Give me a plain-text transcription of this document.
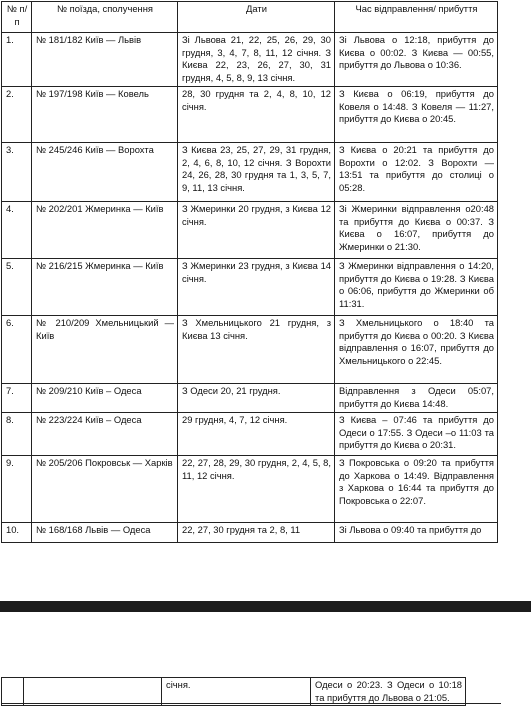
№ п/п	№ поїзда, сполучення	Дати	Час відправлення/ прибуття
1.	№ 181/182 Київ — Львів	Зі Львова 21, 22, 25, 26, 29, 30 грудня, 3, 4, 7, 8, 11, 12 січня. З Києва 22, 23, 26, 27, 30, 31 грудня, 4, 5, 8, 9, 13 січня.	Зі Львова о 12:18, прибуття до Києва о 00:02. З Києва — 00:55, прибуття до Львова о 10:36.
2.	№ 197/198 Київ — Ковель	28, 30 грудня та 2, 4, 8, 10, 12 січня.	З Києва о 06:19, прибуття до Ковеля о 14:48. З Ковеля — 11:27, прибуття до Києва о 20:45.
3.	№ 245/246 Київ — Ворохта	З Києва 23, 25, 27, 29, 31 грудня, 2, 4, 6, 8, 10, 12 січня. З Ворохти 24, 26, 28, 30 грудня та 1, 3, 5, 7, 9, 11, 13 січня.	З Києва о 20:21 та прибуття до Ворохти о 12:02. З Ворохти — 13:51 та прибуття до столиці о 05:28.
4.	№ 202/201 Жмеринка — Київ	З Жмеринки 20 грудня, з Києва 12 січня.	Зі Жмеринки відправлення о20:48 та прибуття до Києва о 00:37. З Києва о 16:07, прибуття до Жмеринки о 21:30.
5.	№ 216/215 Жмеринка — Київ	З Жмеринки 23 грудня, з Києва 14 січня.	З Жмеринки відправлення о 14:20, прибуття до Києва о 19:28. З Києва о 06:06, прибуття до Жмеринки об 11:31.
6.	№ 210/209 Хмельницький — Київ	З Хмельницького 21 грудня, з Києва 13 січня.	З Хмельницького о 18:40 та прибуття до Києва о 00:20. З Києва відправлення о 16:07, прибуття до Хмельницького о 22:45.
7.	№ 209/210 Київ – Одеса	З Одеси 20, 21 грудня.	Відправлення з Одеси 05:07, прибуття до Києва 14:48.
8.	№ 223/224 Київ – Одеса	29 грудня, 4, 7, 12 січня.	З Києва – 07:46 та прибуття до Одеси о 17:55. З Одеси –о 11:03 та прибуття до Києва о 20:31.
9.	№ 205/206 Покровськ — Харків	22, 27, 28, 29, 30 грудня, 2, 4, 5, 8, 11, 12 січня.	З Покровська о 09:20 та прибуття до Харкова о 14:49. Відправлення з Харкова о 16:44 та прибуття до Покровська о 22:07.
10.	№ 168/168 Львів — Одеса	22, 27, 30 грудня та 2, 8, 11	Зі Львова о 09:40 та прибуття до
		січня.	Одеси о 20:23. З Одеси о 10:18 та прибуття до Львова о 21:05.
